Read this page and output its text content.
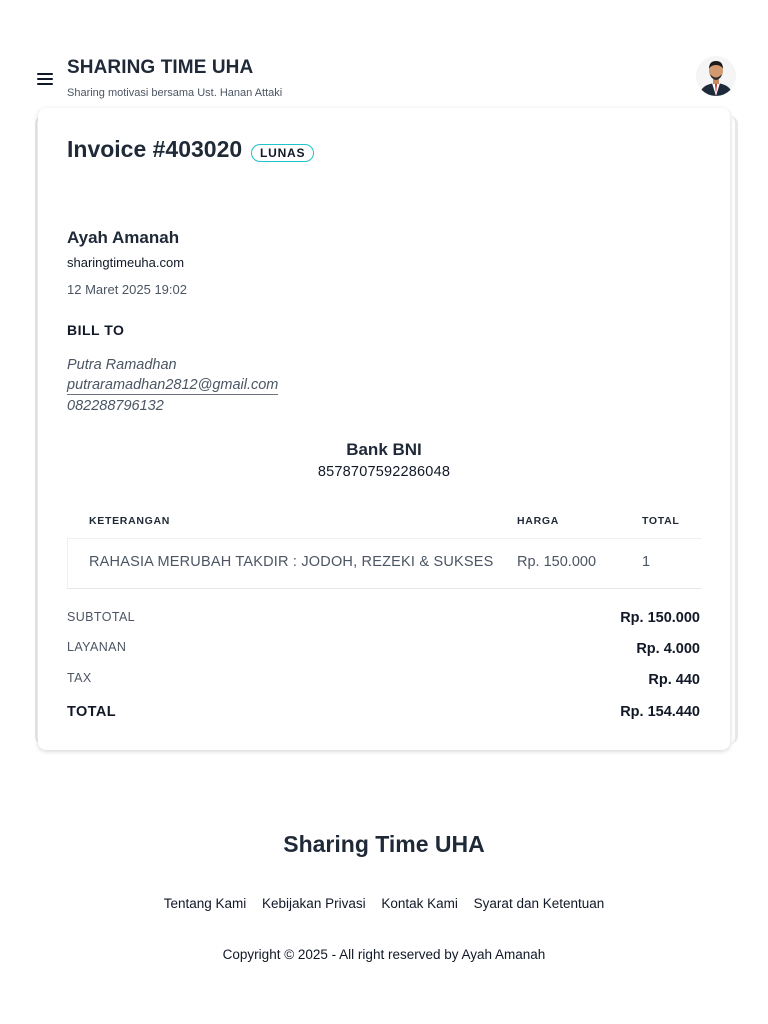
SHARING TIME UHA
Sharing motivasi bersama Ust. Hanan Attaki
Invoice #403020	LUNAS
Ayah Amanah
sharingtimeuha.com
12 Maret 2025 19:02
BILL TO
Putra Ramadhan
putraramadhan2812@gmail.com
082288796132
Bank BNI
8578707592286048
KETERANGAN	HARGA	TOTAL
RAHASIA MERUBAH TAKDIR : JODOH, REZEKI & SUKSES Rp. 150.000	1
SUBTOTAL	Rp. 150.000
LAYANAN	Rp. 4.000
TAX	Rp. 440
TOTAL	Rp. 154.440
Sharing Time UHA
Tentang Kami Kebijakan Privasi Kontak Kami Syarat dan Ketentuan
Copyright © 2025 - All right reserved by Ayah Amanah
